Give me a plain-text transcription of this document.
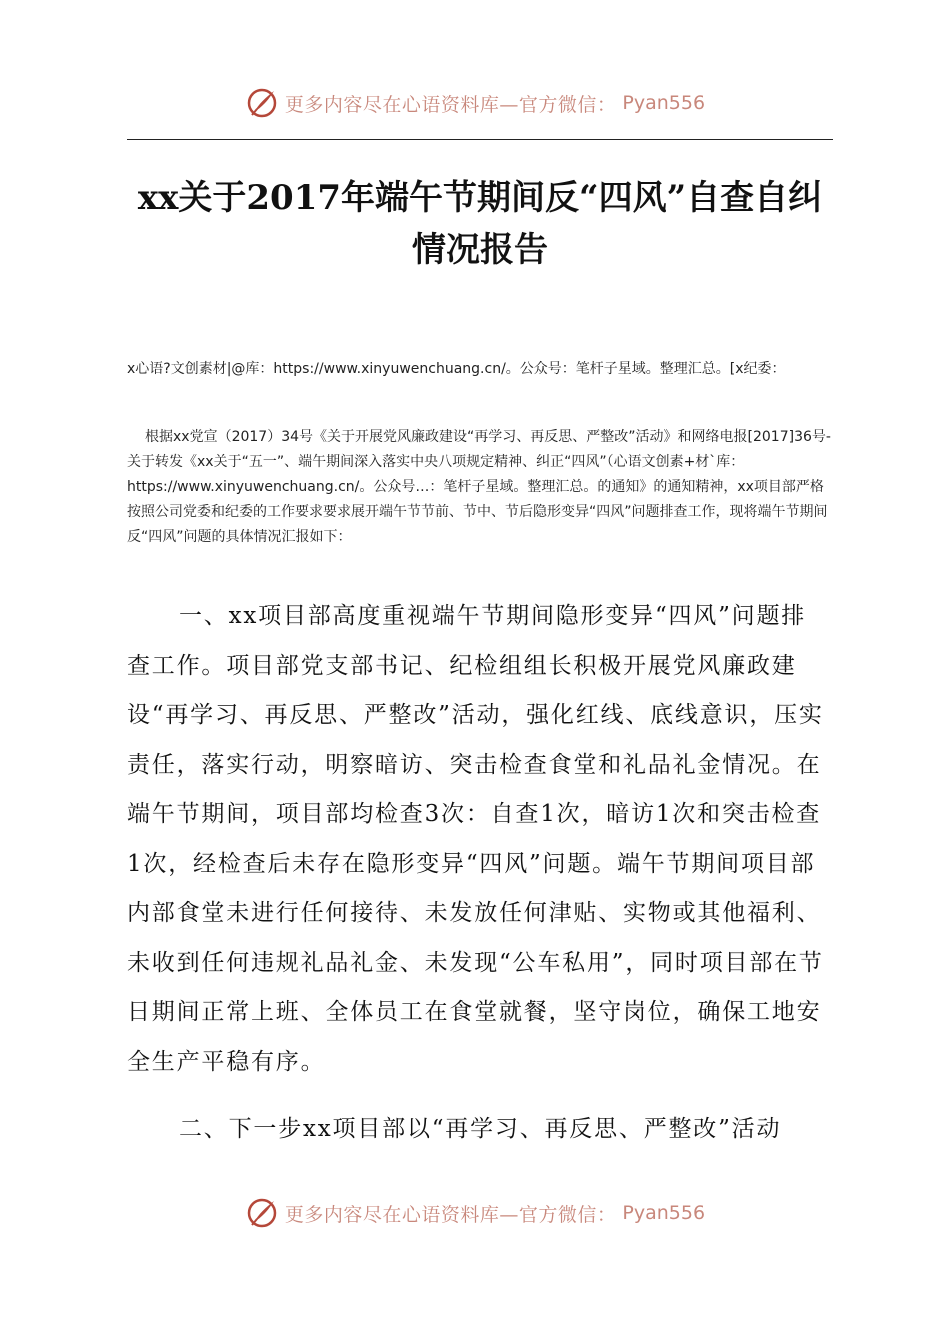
更多内容尽在心语资料库—官方微信： Pyan556
xx关于2017年端午节期间反“四风”自查自纠情况报告

x心语?文创素材|@库：https://www.xinyuwenchuang.cn/。公众号：笔杆子星域。整理汇总。[x纪委：

根据xx党宣（2017）34号《关于开展党风廉政建设“再学习、再反思、严整改”活动》和网络电报[2017]36号-关于转发《xx关于“五一”、端午期间深入落实中央八项规定精神、纠正“四风”（心语文创素+材`库：https://www.xinyuwenchuang.cn/。公众号…：笔杆子星域。整理汇总。的通知》的通知精神，xx项目部严格按照公司党委和纪委的工作要求要求展开端午节节前、节中、节后隐形变异“四风”问题排查工作，现将端午节期间反“四风”问题的具体情况汇报如下：

一、xx项目部高度重视端午节期间隐形变异“四风”问题排查工作。项目部党支部书记、纪检组组长积极开展党风廉政建设“再学习、再反思、严整改”活动，强化红线、底线意识，压实责任，落实行动，明察暗访、突击检查食堂和礼品礼金情况。在端午节期间，项目部均检查3次：自查1次，暗访1次和突击检查1次，经检查后未存在隐形变异“四风”问题。端午节期间项目部内部食堂未进行任何接待、未发放任何津贴、实物或其他福利、未收到任何违规礼品礼金、未发现“公车私用”，同时项目部在节日期间正常上班、全体员工在食堂就餐，坚守岗位，确保工地安全生产平稳有序。

二、下一步xx项目部以“再学习、再反思、严整改”活动

更多内容尽在心语资料库—官方微信： Pyan556
